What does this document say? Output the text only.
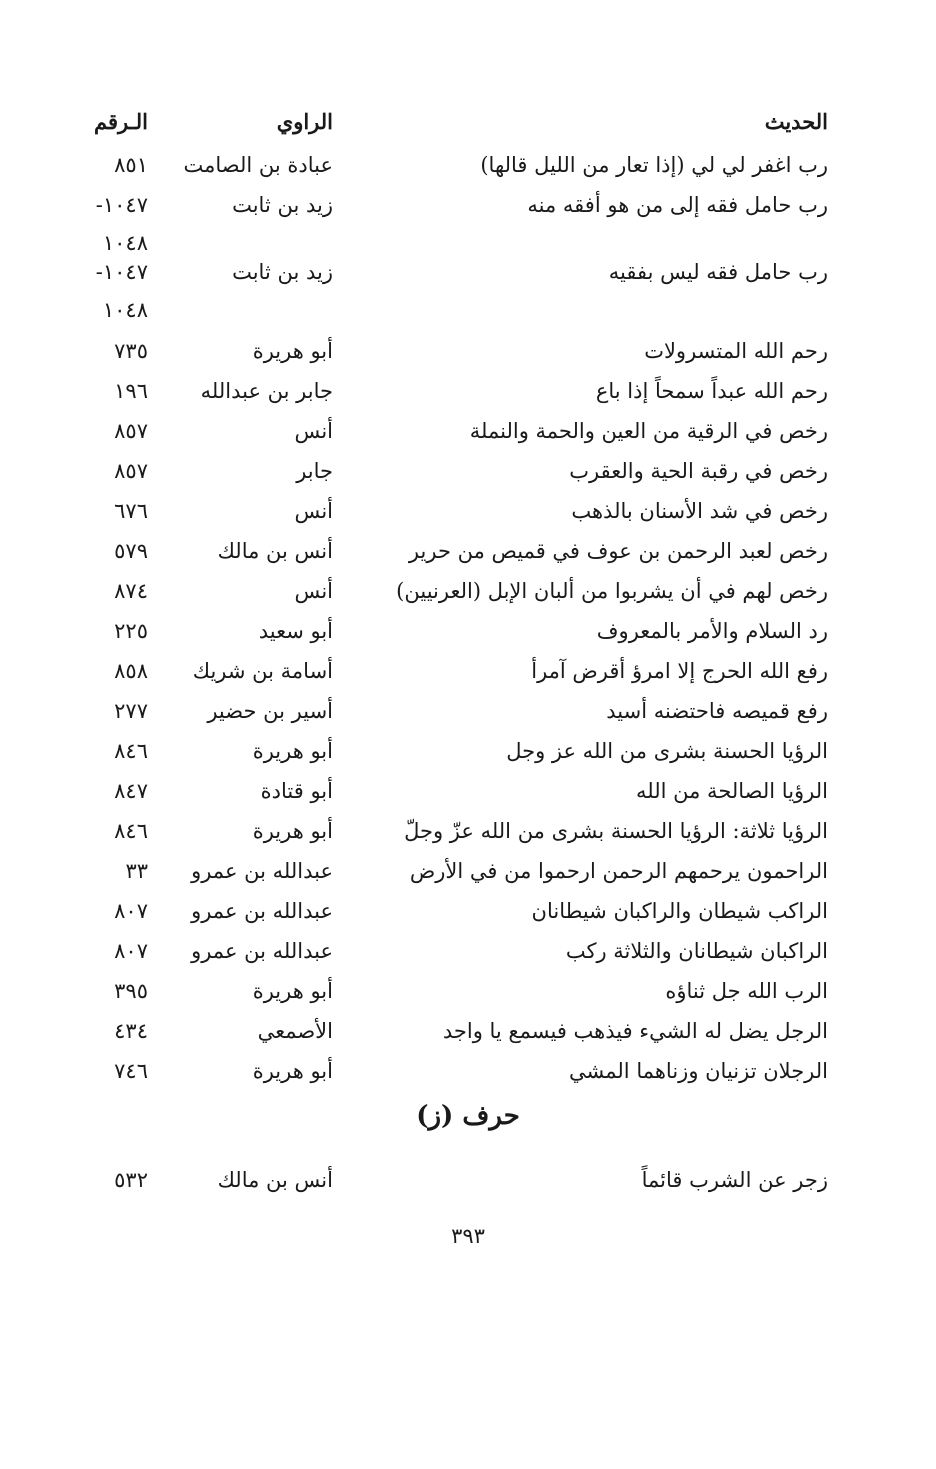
الحديث
الراوي
الـرقم
رب اغفر لي لي (إذا تعار من الليل قالها)
عبادة بن الصامت
٨٥١
رب حامل فقه إلى من هو أفقه منه
زيد بن ثابت
-١٠٤٧
١٠٤٨
رب حامل فقه ليس بفقيه
زيد بن ثابت
-١٠٤٧
١٠٤٨
رحم الله المتسرولات
أبو هريرة
٧٣٥
رحم الله عبداً سمحاً إذا باع
جابر بن عبدالله
١٩٦
رخص في الرقية من العين والحمة والنملة
أنس
٨٥٧
رخص في رقبة الحية والعقرب
جابر
٨٥٧
رخص في شد الأسنان بالذهب
أنس
٦٧٦
رخص لعبد الرحمن بن عوف في قميص من حرير
أنس بن مالك
٥٧٩
رخص لهم في أن يشربوا من ألبان الإبل (العرنيين)
أنس
٨٧٤
رد السلام والأمر بالمعروف
أبو سعيد
٢٢٥
رفع الله الحرج إلا امرؤ أقرض آمرأ
أسامة بن شريك
٨٥٨
رفع قميصه فاحتضنه أسيد
أسير بن حضير
٢٧٧
الرؤيا الحسنة بشرى من الله عز وجل
أبو هريرة
٨٤٦
الرؤيا الصالحة من الله
أبو قتادة
٨٤٧
الرؤيا ثلاثة: الرؤيا الحسنة بشرى من الله عزّ وجلّ
أبو هريرة
٨٤٦
الراحمون يرحمهم الرحمن ارحموا من في الأرض
عبدالله بن عمرو
٣٣
الراكب شيطان والراكبان شيطانان
عبدالله بن عمرو
٨٠٧
الراكبان شيطانان والثلاثة ركب
عبدالله بن عمرو
٨٠٧
الرب الله جل ثناؤه
أبو هريرة
٣٩٥
الرجل يضل له الشيء فيذهب فيسمع يا واجد
الأصمعي
٤٣٤
الرجلان تزنيان وزناهما المشي
أبو هريرة
٧٤٦
حرف (ز)
زجر عن الشرب قائماً
أنس بن مالك
٥٣٢
٣٩٣
